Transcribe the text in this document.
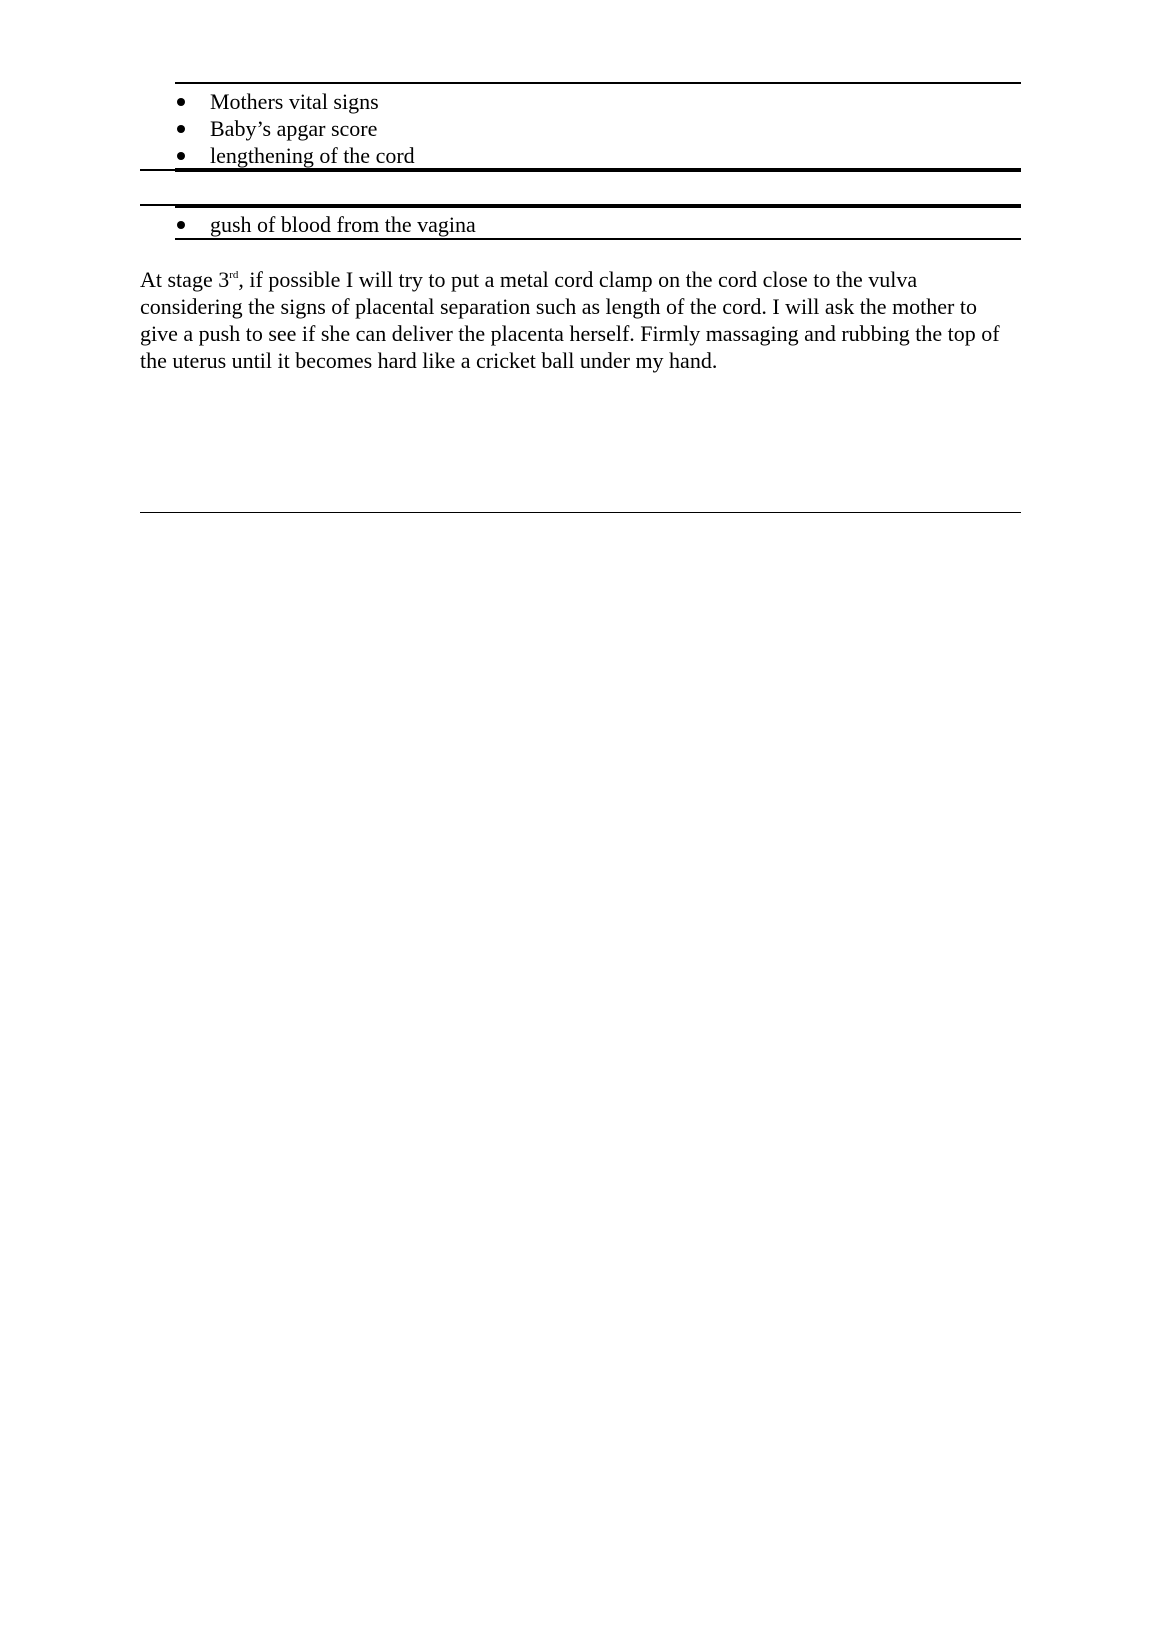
Mothers vital signs
Baby’s apgar score
lengthening of the cord
gush of blood from the vagina
At stage 3rd, if possible I will try to put a metal cord clamp on the cord close to the vulva considering the signs of placental separation such as length of the cord. I will ask the mother to give a push to see if she can deliver the placenta herself. Firmly massaging and rubbing the top of the uterus until it becomes hard like a cricket ball under my hand.
